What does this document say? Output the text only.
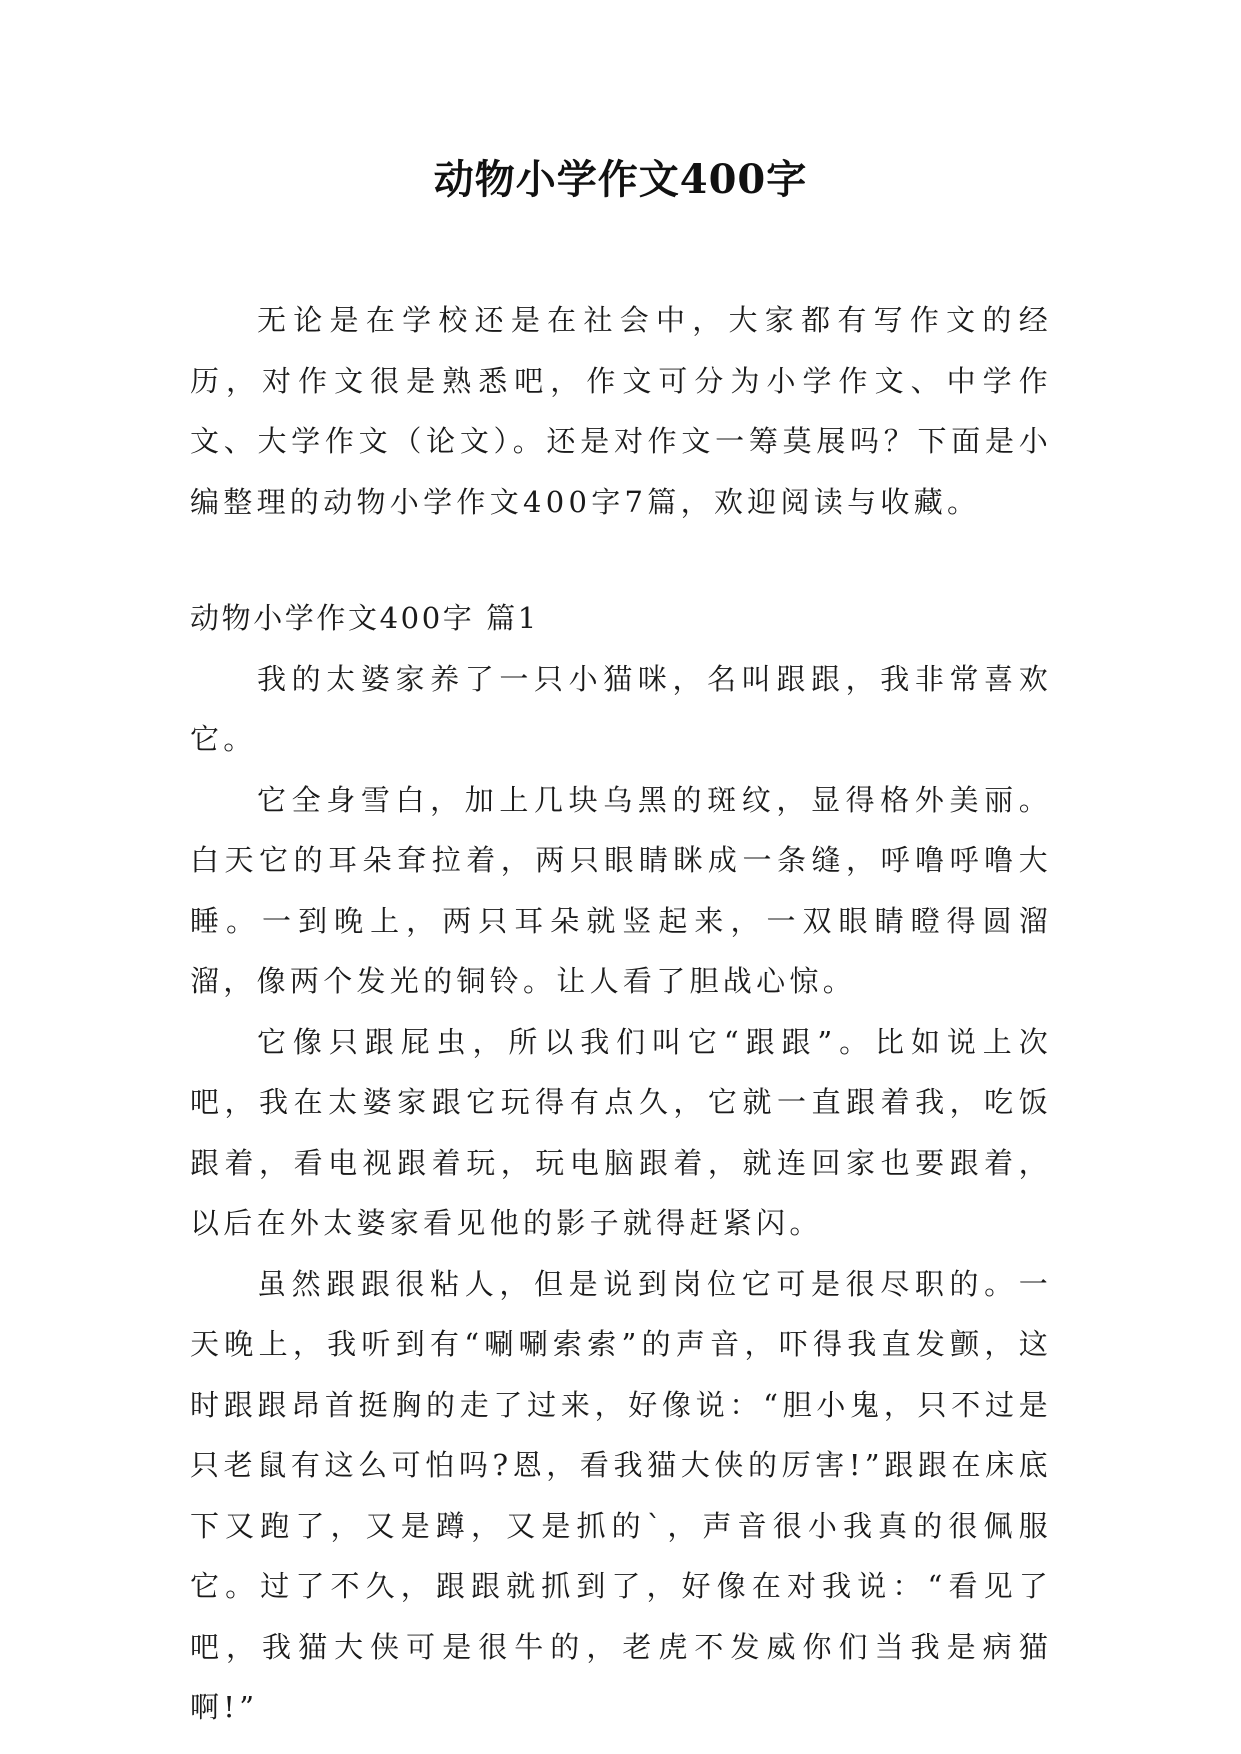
动物小学作文400字

无论是在学校还是在社会中，大家都有写作文的经历，对作文很是熟悉吧，作文可分为小学作文、中学作文、大学作文（论文）。还是对作文一筹莫展吗？下面是小编整理的动物小学作文400字7篇，欢迎阅读与收藏。

动物小学作文400字 篇1

我的太婆家养了一只小猫咪，名叫跟跟，我非常喜欢它。

它全身雪白，加上几块乌黑的斑纹，显得格外美丽。白天它的耳朵耷拉着，两只眼睛眯成一条缝，呼噜呼噜大睡。一到晚上，两只耳朵就竖起来，一双眼睛瞪得圆溜溜，像两个发光的铜铃。让人看了胆战心惊。

它像只跟屁虫，所以我们叫它“跟跟”。比如说上次吧，我在太婆家跟它玩得有点久，它就一直跟着我，吃饭跟着，看电视跟着玩，玩电脑跟着，就连回家也要跟着，以后在外太婆家看见他的影子就得赶紧闪。

虽然跟跟很粘人，但是说到岗位它可是很尽职的。一天晚上，我听到有“唰唰索索”的声音，吓得我直发颤，这时跟跟昂首挺胸的走了过来，好像说：“胆小鬼，只不过是只老鼠有这么可怕吗?恩，看我猫大侠的厉害!”跟跟在床底下又跑了，又是蹲，又是抓的`，声音很小我真的很佩服它。过了不久，跟跟就抓到了，好像在对我说：“看见了吧，我猫大侠可是很牛的，老虎不发威你们当我是病猫啊!”
